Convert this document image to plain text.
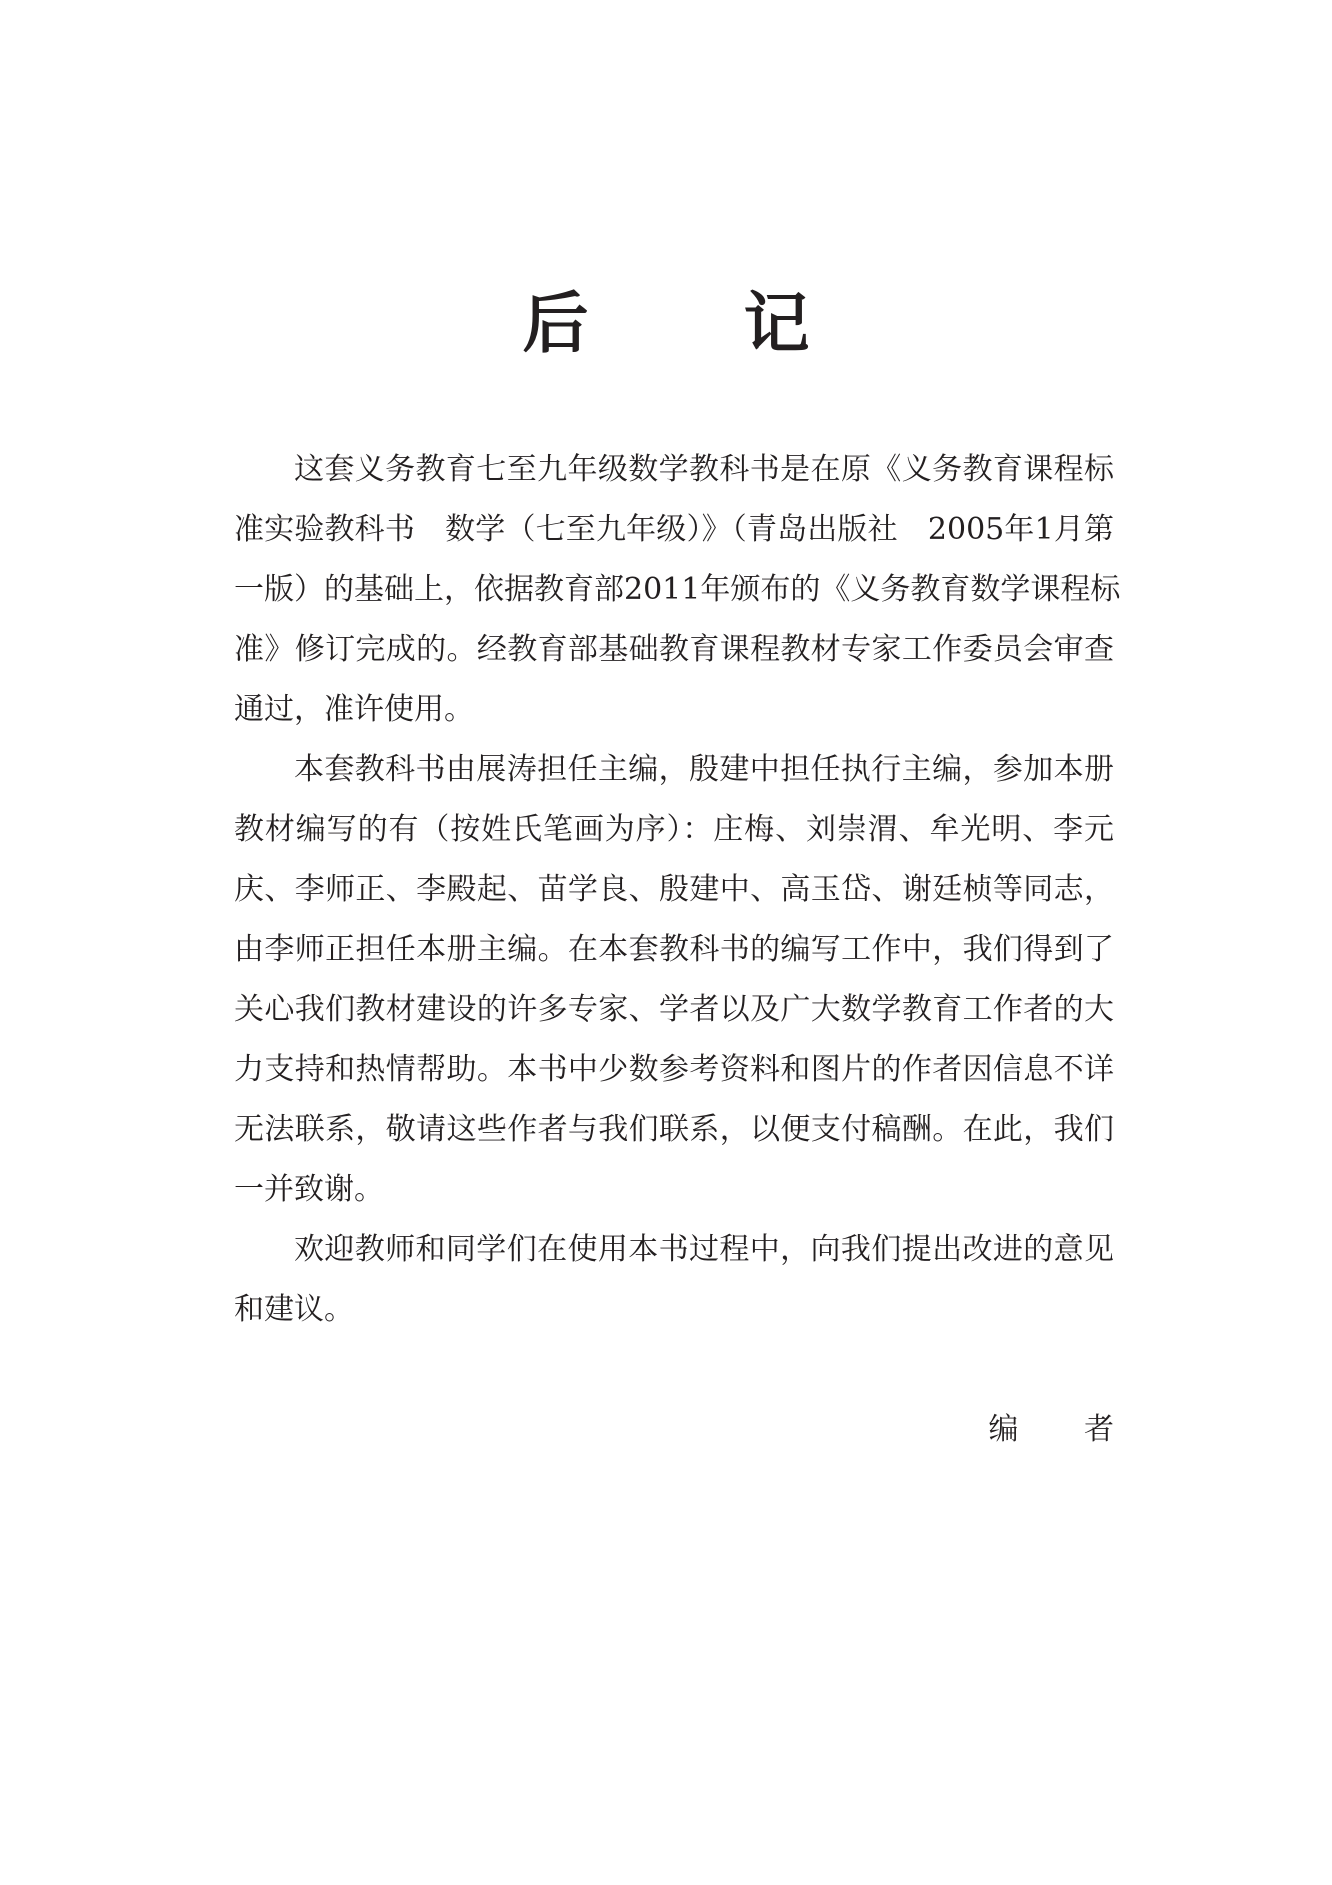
后 记
这套义务教育七至九年级数学教科书是在原《义务教育课程标
准实验教科书　数学（七至九年级）》（青岛出版社　2005年1月第
一版）的基础上，依据教育部2011年颁布的《义务教育数学课程标
准》修订完成的。经教育部基础教育课程教材专家工作委员会审查
通过，准许使用。
本套教科书由展涛担任主编，殷建中担任执行主编，参加本册
教材编写的有（按姓氏笔画为序）：庄梅、刘崇渭、牟光明、李元
庆、李师正、李殿起、苗学良、殷建中、高玉岱、谢廷桢等同志，
由李师正担任本册主编。在本套教科书的编写工作中，我们得到了
关心我们教材建设的许多专家、学者以及广大数学教育工作者的大
力支持和热情帮助。本书中少数参考资料和图片的作者因信息不详
无法联系，敬请这些作者与我们联系，以便支付稿酬。在此，我们
一并致谢。
欢迎教师和同学们在使用本书过程中，向我们提出改进的意见
和建议。

编 者
